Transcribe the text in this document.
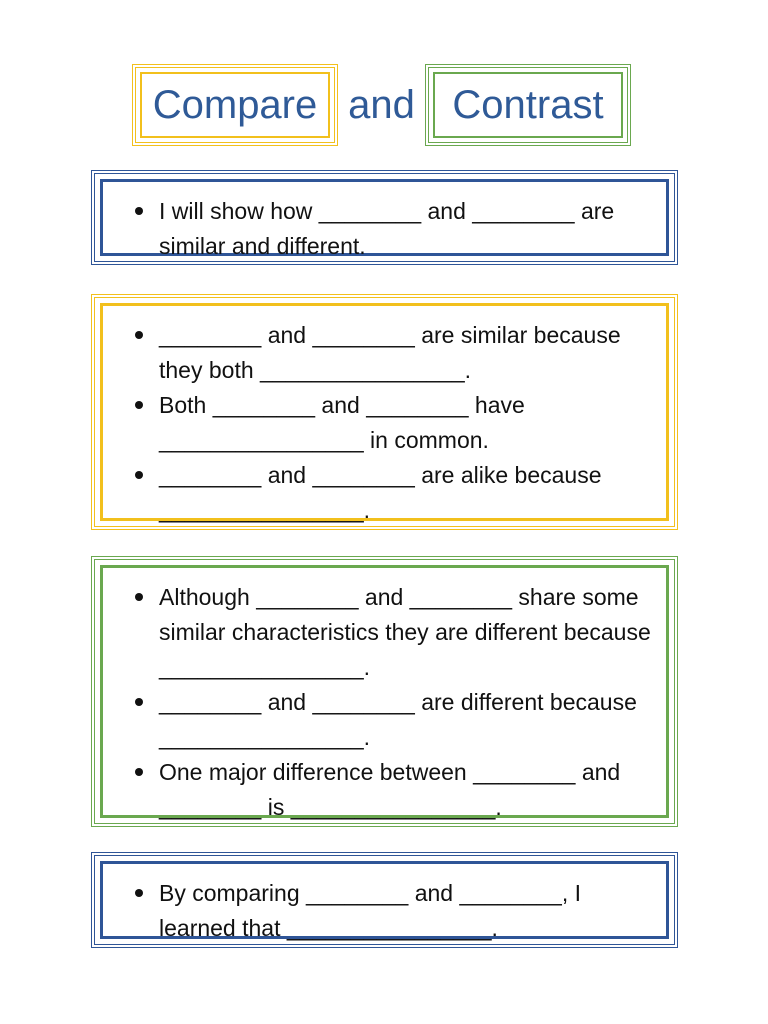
Compare and Contrast
I will show how ________ and ________ are similar and different.
________ and ________ are similar because they both ________________.
Both ________ and ________ have ________________ in common.
________ and ________ are alike because ________________.
Although ________ and ________ share some similar characteristics they are different because ________________.
________ and ________ are different because ________________.
One major difference between ________ and ________ is ________________.
By comparing ________ and ________, I learned that ________________.
